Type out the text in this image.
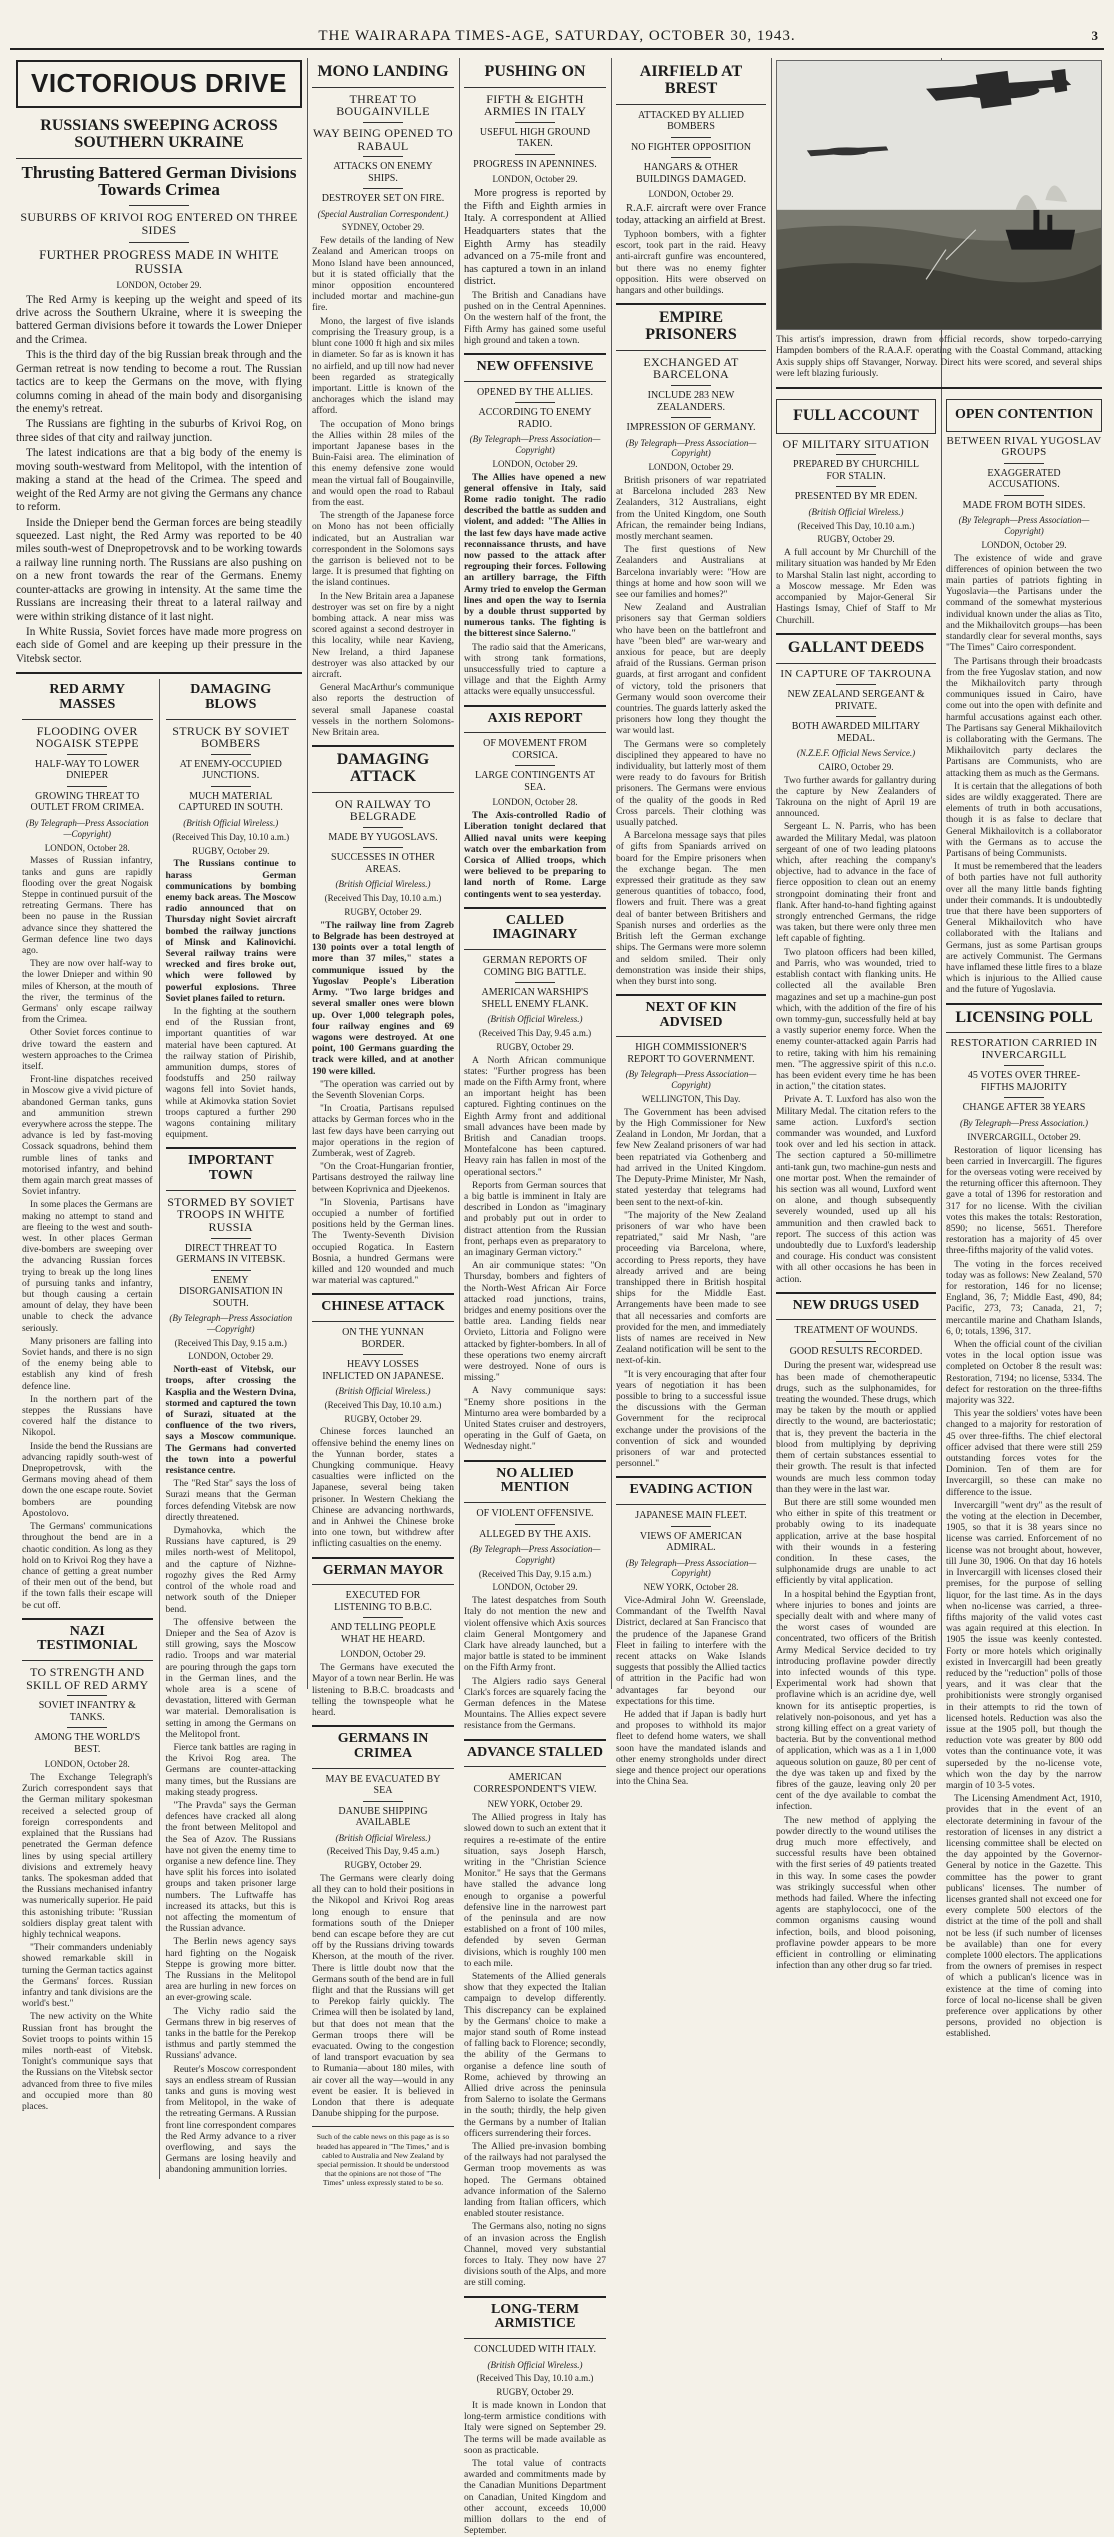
THE WAIRARAPA TIMES-AGE, SATURDAY, OCTOBER 30, 1943.	3
VICTORIOUS DRIVE
RUSSIANS SWEEPING ACROSS SOUTHERN UKRAINE
Thrusting Battered German Divisions Towards Crimea
SUBURBS OF KRIVOI ROG ENTERED ON THREE SIDES
FURTHER PROGRESS MADE IN WHITE RUSSIA
LONDON, October 29.

The Red Army is keeping up the weight and speed of its drive across the Southern Ukraine, where it is sweeping the battered German divisions before it towards the Lower Dnieper and the Crimea.

This is the third day of the big Russian break through and the German retreat is now tending to become a rout. The Russian tactics are to keep the Germans on the move, with flying columns coming in ahead of the main body and disorganising the enemy's retreat.

The Russians are fighting in the suburbs of Krivoi Rog, on three sides of that city and railway junction.

The latest indications are that a big body of the enemy is moving south-westward from Melitopol, with the intention of making a stand at the head of the Crimea. The speed and weight of the Red Army are not giving the Germans any chance to reform.

Inside the Dnieper bend the German forces are being steadily squeezed. Last night, the Red Army was reported to be 40 miles south-west of Dnepropetrovsk and to be working towards a railway line running north. The Russians are also pushing on on a new front towards the rear of the Germans. Enemy counter-attacks are growing in intensity. At the same time the Russians are increasing their threat to a lateral railway and were within striking distance of it last night.

In White Russia, Soviet forces have made more progress on each side of Gomel and are keeping up their pressure in the Vitebsk sector.

RED ARMY MASSES
FLOODING OVER NOGAISK STEPPE
HALF-WAY TO LOWER DNIEPER
GROWING THREAT TO OUTLET FROM CRIMEA.
(By Telegraph—Press Association—Copyright)
LONDON, October 28.

Masses of Russian infantry, tanks and guns are rapidly flooding over the great Nogaisk Steppe in continued pursuit of the retreating Germans. There has been no pause in the Russian advance since they shattered the German defence line two days ago.

They are now over half-way to the lower Dnieper and within 90 miles of Kherson, at the mouth of the river, the terminus of the Germans' only escape railway from the Crimea.

Other Soviet forces continue to drive toward the eastern and western approaches to the Crimea itself.

Front-line dispatches received in Moscow give a vivid picture of abandoned German tanks, guns and ammunition strewn everywhere across the steppe. The advance is led by fast-moving Cossack squadrons, behind them rumble lines of tanks and motorised infantry, and behind them again march great masses of Soviet infantry.

In some places the Germans are making no attempt to stand and are fleeing to the west and south-west. In other places German dive-bombers are sweeping over the advancing Russian forces trying to break up the long lines of pursuing tanks and infantry, but though causing a certain amount of delay, they have been unable to check the advance seriously.

Many prisoners are falling into Soviet hands, and there is no sign of the enemy being able to establish any kind of fresh defence line.

In the northern part of the steppes the Russians have covered half the distance to Nikopol.

Inside the bend the Russians are advancing rapidly south-west of Dnepropetrovsk, with the Germans moving ahead of them down the one escape route. Soviet bombers are pounding Apostolovo.

The Germans' communications throughout the bend are in a chaotic condition. As long as they hold on to Krivoi Rog they have a chance of getting a great number of their men out of the bend, but if the town falls their escape will be cut off.

NAZI TESTIMONIAL
TO STRENGTH AND SKILL OF RED ARMY
SOVIET INFANTRY & TANKS.
AMONG THE WORLD'S BEST.
LONDON, October 28.

The Exchange Telegraph's Zurich correspondent says that the German military spokesman received a selected group of foreign correspondents and explained that the Russians had penetrated the German defence lines by using special artillery divisions and extremely heavy tanks. The spokesman added that the Russians mechanised infantry was numerically superior. He paid this astonishing tribute: "Russian soldiers display great talent with highly technical weapons.

"Their commanders undeniably showed remarkable skill in turning the German tactics against the Germans' forces. Russian infantry and tank divisions are the world's best."

The new activity on the White Russian front has brought the Soviet troops to points within 15 miles north-east of Vitebsk. Tonight's communique says that the Russians on the Vitebsk sector advanced from three to five miles and occupied more than 80 places.

DAMAGING BLOWS
STRUCK BY SOVIET BOMBERS
AT ENEMY-OCCUPIED JUNCTIONS.
MUCH MATERIAL CAPTURED IN SOUTH.
(British Official Wireless.)
(Received This Day, 10.10 a.m.)
RUGBY, October 29.

The Russians continue to harass German communications by bombing enemy back areas. The Moscow radio announced that on Thursday night Soviet aircraft bombed the railway junctions of Minsk and Kalinovichi. Several railway trains were wrecked and fires broke out, which were followed by powerful explosions. Three Soviet planes failed to return.

In the fighting at the southern end of the Russian front, important quantities of war material have been captured. At the railway station of Pirishib, ammunition dumps, stores of foodstuffs and 250 railway wagons fell into Soviet hands, while at Akimovka station Soviet troops captured a further 290 wagons containing military equipment.

IMPORTANT TOWN
STORMED BY SOVIET TROOPS IN WHITE RUSSIA
DIRECT THREAT TO GERMANS IN VITEBSK.
ENEMY DISORGANISATION IN SOUTH.
(By Telegraph—Press Association—Copyright)
(Received This Day, 9.15 a.m.)
LONDON, October 29.

North-east of Vitebsk, our troops, after crossing the Kasplia and the Western Dvina, stormed and captured the town of Surazi, situated at the confluence of the two rivers, says a Moscow communique. The Germans had converted the town into a powerful resistance centre.

The "Red Star" says the loss of Surazi means that the German forces defending Vitebsk are now directly threatened.

Dymahovka, which the Russians have captured, is 29 miles north-west of Melitopol, and the capture of Nizhne-rogozhy gives the Red Army control of the whole road and network south of the Dnieper bend.

The offensive between the Dnieper and the Sea of Azov is still growing, says the Moscow radio. Troops and war material are pouring through the gaps torn in the German lines, and the whole area is a scene of devastation, littered with German war material. Demoralisation is setting in among the Germans on the Melitopol front.

Fierce tank battles are raging in the Krivoi Rog area. The Germans are counter-attacking many times, but the Russians are making steady progress.

"The Pravda" says the German defences have cracked all along the front between Melitopol and the Sea of Azov. The Russians have not given the enemy time to organise a new defence line. They have split his forces into isolated groups and taken prisoner large numbers. The Luftwaffe has increased its attacks, but this is not affecting the momentum of the Russian advance.

The Berlin news agency says hard fighting on the Nogaisk Steppe is growing more bitter. The Russians in the Melitopol area are hurling in new forces on an ever-growing scale.

The Vichy radio said the Germans threw in big reserves of tanks in the battle for the Perekop isthmus and partly stemmed the Russians' advance.

Reuter's Moscow correspondent says an endless stream of Russian tanks and guns is moving west from Melitopol, in the wake of the retreating Germans. A Russian front line correspondent compares the Red Army advance to a river overflowing, and says the Germans are losing heavily and abandoning ammunition lorries.

MONO LANDING
THREAT TO BOUGAINVILLE
WAY BEING OPENED TO RABAUL
ATTACKS ON ENEMY SHIPS.
DESTROYER SET ON FIRE.
(Special Australian Correspondent.)
SYDNEY, October 29.

Few details of the landing of New Zealand and American troops on Mono Island have been announced, but it is stated officially that the minor opposition encountered included mortar and machine-gun fire.

Mono, the largest of five islands comprising the Treasury group, is a blunt cone 1000 ft high and six miles in diameter. So far as is known it has no airfield, and up till now had never been regarded as strategically important. Little is known of the anchorages which the island may afford.

The occupation of Mono brings the Allies within 28 miles of the important Japanese bases in the Buin-Faisi area. The elimination of this enemy defensive zone would mean the virtual fall of Bougainville, and would open the road to Rabaul from the east.

The strength of the Japanese force on Mono has not been officially indicated, but an Australian war correspondent in the Solomons says the garrison is believed not to be large. It is presumed that fighting on the island continues.

In the New Britain area a Japanese destroyer was set on fire by a night bombing attack. A near miss was scored against a second destroyer in this locality, while near Kavieng, New Ireland, a third Japanese destroyer was also attacked by our aircraft.

General MacArthur's communique also reports the destruction of several small Japanese coastal vessels in the northern Solomons-New Britain area.

DAMAGING ATTACK
ON RAILWAY TO BELGRADE
MADE BY YUGOSLAVS.
SUCCESSES IN OTHER AREAS.
(British Official Wireless.)
(Received This Day, 10.10 a.m.)
RUGBY, October 29.

"The railway line from Zagreb to Belgrade has been destroyed at 130 points over a total length of more than 37 miles," states a communique issued by the Yugoslav People's Liberation Army. "Two large bridges and several smaller ones were blown up. Over 1,000 telegraph poles, four railway engines and 69 wagons were destroyed. At one point, 100 Germans guarding the track were killed, and at another 190 were killed.

"The operation was carried out by the Seventh Slovenian Corps.

"In Croatia, Partisans repulsed attacks by German forces who in the last few days have been carrying out major operations in the region of Zumberak, west of Zagreb.

"On the Croat-Hungarian frontier, Partisans destroyed the railway line between Koprivnica and Djeekenos.

"In Slovenia, Partisans have occupied a number of fortified positions held by the German lines. The Twenty-Seventh Division occupied Rogatica. In Eastern Bosnia, a hundred Germans were killed and 120 wounded and much war material was captured."

CHINESE ATTACK
ON THE YUNNAN BORDER.
HEAVY LOSSES INFLICTED ON JAPANESE.
(British Official Wireless.)
(Received This Day, 10.10 a.m.)
RUGBY, October 29.

Chinese forces launched an offensive behind the enemy lines on the Yunnan border, states a Chungking communique. Heavy casualties were inflicted on the Japanese, several being taken prisoner. In Western Chekiang the Chinese are advancing northwards, and in Anhwei the Chinese broke into one town, but withdrew after inflicting casualties on the enemy.

GERMAN MAYOR
EXECUTED FOR LISTENING TO B.B.C.
AND TELLING PEOPLE WHAT HE HEARD.
LONDON, October 29.

The Germans have executed the Mayor of a town near Berlin. He was listening to B.B.C. broadcasts and telling the townspeople what he heard.

GERMANS IN CRIMEA
MAY BE EVACUATED BY SEA
DANUBE SHIPPING AVAILABLE
(British Official Wireless.)
(Received This Day, 9.45 a.m.)
RUGBY, October 29.

The Germans were clearly doing all they can to hold their positions in the Nikopol and Krivoi Rog areas long enough to ensure that formations south of the Dnieper bend can escape before they are cut off by the Russians driving towards Kherson, at the mouth of the river. There is little doubt now that the Germans south of the bend are in full flight and that the Russians will get to Perekop fairly quickly. The Crimea will then be isolated by land, but that does not mean that the German troops there will be evacuated. Owing to the congestion of land transport evacuation by sea to Rumania—about 180 miles, with air cover all the way—would in any event be easier. It is believed in London that there is adequate Danube shipping for the purpose.

Such of the cable news on this page as is so headed has appeared in "The Times," and is cabled to Australia and New Zealand by special permission. It should be understood that the opinions are not those of "The Times" unless expressly stated to be so.
PUSHING ON
FIFTH & EIGHTH ARMIES IN ITALY
USEFUL HIGH GROUND TAKEN.
PROGRESS IN APENNINES.
LONDON, October 29.

More progress is reported by the Fifth and Eighth armies in Italy. A correspondent at Allied Headquarters states that the Eighth Army has steadily advanced on a 75-mile front and has captured a town in an inland district.

The British and Canadians have pushed on in the Central Apennines. On the western half of the front, the Fifth Army has gained some useful high ground and taken a town.

NEW OFFENSIVE
OPENED BY THE ALLIES.
ACCORDING TO ENEMY RADIO.
(By Telegraph—Press Association—Copyright)
LONDON, October 29.

The Allies have opened a new general offensive in Italy, said Rome radio tonight. The radio described the battle as sudden and violent, and added: "The Allies in the last few days have made active reconnaissance thrusts, and have now passed to the attack after regrouping their forces. Following an artillery barrage, the Fifth Army tried to envelop the German lines and open the way to Isernia by a double thrust supported by numerous tanks. The fighting is the bitterest since Salerno."

The radio said that the Americans, with strong tank formations, unsuccessfully tried to capture a village and that the Eighth Army attacks were equally unsuccessful.

AXIS REPORT
OF MOVEMENT FROM CORSICA.
LARGE CONTINGENTS AT SEA.
LONDON, October 28.

The Axis-controlled Radio of Liberation tonight declared that Allied naval units were keeping watch over the embarkation from Corsica of Allied troops, which were believed to be preparing to land north of Rome. Large contingents went to sea yesterday.

CALLED IMAGINARY
GERMAN REPORTS OF COMING BIG BATTLE.
AMERICAN WARSHIP'S SHELL ENEMY FLANK.
(British Official Wireless.)
(Received This Day, 9.45 a.m.)
RUGBY, October 29.

A North African communique states: "Further progress has been made on the Fifth Army front, where an important height has been captured. Fighting continues on the Eighth Army front and additional small advances have been made by British and Canadian troops. Montefalcone has been captured. Heavy rain has fallen in most of the operational sectors."

Reports from German sources that a big battle is imminent in Italy are described in London as "imaginary and probably put out in order to distract attention from the Russian front, perhaps even as preparatory to an imaginary German victory."

An air communique states: "On Thursday, bombers and fighters of the North-West African Air Force attacked road junctions, trains, bridges and enemy positions over the battle area. Landing fields near Orvieto, Littoria and Foligno were attacked by fighter-bombers. In all of these operations two enemy aircraft were destroyed. None of ours is missing."

A Navy communique says: "Enemy shore positions in the Minturno area were bombarded by a United States cruiser and destroyers, operating in the Gulf of Gaeta, on Wednesday night."

NO ALLIED MENTION
OF VIOLENT OFFENSIVE.
ALLEGED BY THE AXIS.
(By Telegraph—Press Association—Copyright)
(Received This Day, 9.15 a.m.)
LONDON, October 29.

The latest despatches from South Italy do not mention the new and violent offensive which Axis sources claim General Montgomery and Clark have already launched, but a major battle is stated to be imminent on the Fifth Army front.

The Algiers radio says General Clark's forces are squarely facing the German defences in the Matese Mountains. The Allies expect severe resistance from the Germans.

ADVANCE STALLED
AMERICAN CORRESPONDENT'S VIEW.
NEW YORK, October 29.

The Allied progress in Italy has slowed down to such an extent that it requires a re-estimate of the entire situation, says Joseph Harsch, writing in the "Christian Science Monitor." He says that the Germans have stalled the advance long enough to organise a powerful defensive line in the narrowest part of the peninsula and are now established on a front of 100 miles, defended by seven German divisions, which is roughly 100 men to each mile.

Statements of the Allied generals show that they expected the Italian campaign to develop differently. This discrepancy can be explained by the Germans' choice to make a major stand south of Rome instead of falling back to Florence; secondly, the ability of the Germans to organise a defence line south of Rome, achieved by throwing an Allied drive across the peninsula from Salerno to isolate the Germans in the south; thirdly, the help given the Germans by a number of Italian officers surrendering their forces.

The Allied pre-invasion bombing of the railways had not paralysed the German troop movements as was hoped. The Germans obtained advance information of the Salerno landing from Italian officers, which enabled stouter resistance.

The Germans also, noting no signs of an invasion across the English Channel, moved very substantial forces to Italy. They now have 27 divisions south of the Alps, and more are still coming.

LONG-TERM ARMISTICE
CONCLUDED WITH ITALY.
(British Official Wireless.)
(Received This Day, 10.10 a.m.)
RUGBY, October 29.

It is made known in London that long-term armistice conditions with Italy were signed on September 29. The terms will be made available as soon as practicable.

The total value of contracts awarded and commitments made by the Canadian Munitions Department on Canadian, United Kingdom and other account, exceeds 10,000 million dollars to the end of September.

AIRFIELD AT BREST
ATTACKED BY ALLIED BOMBERS
NO FIGHTER OPPOSITION
HANGARS & OTHER BUILDINGS DAMAGED.
LONDON, October 29.

R.A.F. aircraft were over France today, attacking an airfield at Brest.

Typhoon bombers, with a fighter escort, took part in the raid. Heavy anti-aircraft gunfire was encountered, but there was no enemy fighter opposition. Hits were observed on hangars and other buildings.

EMPIRE PRISONERS
EXCHANGED AT BARCELONA
INCLUDE 283 NEW ZEALANDERS.
IMPRESSION OF GERMANY.
(By Telegraph—Press Association—Copyright)
LONDON, October 29.

British prisoners of war repatriated at Barcelona included 283 New Zealanders, 312 Australians, eight from the United Kingdom, one South African, the remainder being Indians, mostly merchant seamen.

The first questions of New Zealanders and Australians at Barcelona invariably were: "How are things at home and how soon will we see our families and homes?"

New Zealand and Australian prisoners say that German soldiers who have been on the battlefront and have "been bled" are war-weary and anxious for peace, but are deeply afraid of the Russians. German prison guards, at first arrogant and confident of victory, told the prisoners that Germany would soon overcome their countries. The guards latterly asked the prisoners how long they thought the war would last.

The Germans were so completely disciplined they appeared to have no individuality, but latterly most of them were ready to do favours for British prisoners. The Germans were envious of the quality of the goods in Red Cross parcels. Their clothing was usually patched.

A Barcelona message says that piles of gifts from Spaniards arrived on board for the Empire prisoners when the exchange began. The men expressed their gratitude as they saw generous quantities of tobacco, food, flowers and fruit. There was a great deal of banter between Britishers and Spanish nurses and orderlies as the British left the German exchange ships. The Germans were more solemn and seldom smiled. Their only demonstration was inside their ships, when they burst into song.

NEXT OF KIN ADVISED
HIGH COMMISSIONER'S REPORT TO GOVERNMENT.
(By Telegraph—Press Association—Copyright)
WELLINGTON, This Day.

The Government has been advised by the High Commissioner for New Zealand in London, Mr Jordan, that a few New Zealand prisoners of war had been repatriated via Gothenberg and had arrived in the United Kingdom. The Deputy-Prime Minister, Mr Nash, stated yesterday that telegrams had been sent to the next-of-kin.

"The majority of the New Zealand prisoners of war who have been repatriated," said Mr Nash, "are proceeding via Barcelona, where, according to Press reports, they have already arrived and are being transhipped there in British hospital ships for the Middle East. Arrangements have been made to see that all necessaries and comforts are provided for the men, and immediately lists of names are received in New Zealand notification will be sent to the next-of-kin.

"It is very encouraging that after four years of negotiation it has been possible to bring to a successful issue the discussions with the German Government for the reciprocal exchange under the provisions of the convention of sick and wounded prisoners of war and protected personnel."

EVADING ACTION
JAPANESE MAIN FLEET.
VIEWS OF AMERICAN ADMIRAL.
(By Telegraph—Press Association—Copyright)
NEW YORK, October 28.

Vice-Admiral John W. Greenslade, Commandant of the Twelfth Naval District, declared at San Francisco that the prudence of the Japanese Grand Fleet in failing to interfere with the recent attacks on Wake Islands suggests that possibly the Allied tactics of attrition in the Pacific had won advantages far beyond our expectations for this time.

He added that if Japan is badly hurt and proposes to withhold its major fleet to defend home waters, we shall soon have the mandated islands and other enemy strongholds under direct siege and thence project our operations into the China Sea.

This artist's impression, drawn from official records, show torpedo-carrying Hampden bombers of the R.A.A.F. operating with the Coastal Command, attacking Axis supply ships off Stavanger, Norway. Direct hits were scored, and several ships were left blazing furiously.
FULL ACCOUNT
OF MILITARY SITUATION
PREPARED BY CHURCHILL FOR STALIN.
PRESENTED BY MR EDEN.
(British Official Wireless.)
(Received This Day, 10.10 a.m.)
RUGBY, October 29.

A full account by Mr Churchill of the military situation was handed by Mr Eden to Marshal Stalin last night, according to a Moscow message. Mr Eden was accompanied by Major-General Sir Hastings Ismay, Chief of Staff to Mr Churchill.

GALLANT DEEDS
IN CAPTURE OF TAKROUNA
NEW ZEALAND SERGEANT & PRIVATE.
BOTH AWARDED MILITARY MEDAL.
(N.Z.E.F. Official News Service.)
CAIRO, October 29.

Two further awards for gallantry during the capture by New Zealanders of Takrouna on the night of April 19 are announced.

Sergeant L. N. Parris, who has been awarded the Military Medal, was platoon sergeant of one of two leading platoons which, after reaching the company's objective, had to advance in the face of fierce opposition to clean out an enemy strongpoint dominating their front and flank. After hand-to-hand fighting against strongly entrenched Germans, the ridge was taken, but there were only three men left capable of fighting.

Two platoon officers had been killed, and Parris, who was wounded, tried to establish contact with flanking units. He collected all the available Bren magazines and set up a machine-gun post which, with the addition of the fire of his own tommy-gun, successfully held at bay a vastly superior enemy force. When the enemy counter-attacked again Parris had to retire, taking with him his remaining men. "The aggressive spirit of this n.c.o. has been evident every time he has been in action," the citation states.

Private A. T. Luxford has also won the Military Medal. The citation refers to the same action. Luxford's section commander was wounded, and Luxford took over and led his section in attack. The section captured a 50-millimetre anti-tank gun, two machine-gun nests and one mortar post. When the remainder of his section was all wound, Luxford went on alone, and though subsequently severely wounded, used up all his ammunition and then crawled back to report. The success of this action was undoubtedly due to Luxford's leadership and courage. His conduct was consistent with all other occasions he has been in action.

NEW DRUGS USED
TREATMENT OF WOUNDS.
GOOD RESULTS RECORDED.

During the present war, widespread use has been made of chemotherapeutic drugs, such as the sulphonamides, for treating the wounded. These drugs, which may be taken by the mouth or applied directly to the wound, are bacteriostatic; that is, they prevent the bacteria in the blood from multiplying by depriving them of certain substances essential to their growth. The result is that infected wounds are much less common today than they were in the last war.

But there are still some wounded men who either in spite of this treatment or probably owing to its inadequate application, arrive at the base hospital with their wounds in a festering condition. In these cases, the sulphonamide drugs are unable to act efficiently by vital application.

In a hospital behind the Egyptian front, where injuries to bones and joints are specially dealt with and where many of the worst cases of wounded are concentrated, two officers of the British Army Medical Service decided to try introducing proflavine powder directly into infected wounds of this type. Experimental work had shown that proflavine which is an acridine dye, well known for its antiseptic properties, is relatively non-poisonous, and yet has a strong killing effect on a great variety of bacteria. But by the conventional method of application, which was as a 1 in 1,000 aqueous solution on gauze, 80 per cent of the dye was taken up and fixed by the fibres of the gauze, leaving only 20 per cent of the dye available to combat the infection.

The new method of applying the powder directly to the wound utilises the drug much more effectively, and successful results have been obtained with the first series of 49 patients treated in this way. In some cases the powder was strikingly successful when other methods had failed. Where the infecting agents are staphylococci, one of the common organisms causing wound infection, boils, and blood poisoning, proflavine powder appears to be more efficient in controlling or eliminating infection than any other drug so far tried.

OPEN CONTENTION
BETWEEN RIVAL YUGOSLAV GROUPS
EXAGGERATED ACCUSATIONS.
MADE FROM BOTH SIDES.
(By Telegraph—Press Association—Copyright)
LONDON, October 29.

The existence of wide and grave differences of opinion between the two main parties of patriots fighting in Yugoslavia—the Partisans under the command of the somewhat mysterious individual known under the alias as Tito, and the Mikhailovitch groups—has been standardly clear for several months, says "The Times" Cairo correspondent.

The Partisans through their broadcasts from the free Yugoslav station, and now the Mikhailovitch party through communiques issued in Cairo, have come out into the open with definite and harmful accusations against each other. The Partisans say General Mikhailovitch is collaborating with the Germans. The Mikhailovitch party declares the Partisans are Communists, who are attacking them as much as the Germans.

It is certain that the allegations of both sides are wildly exaggerated. There are elements of truth in both accusations, though it is as false to declare that General Mikhailovitch is a collaborator with the Germans as to accuse the Partisans of being Communists.

It must be remembered that the leaders of both parties have not full authority over all the many little bands fighting under their commands. It is undoubtedly true that there have been supporters of General Mikhailovitch who have collaborated with the Italians and Germans, just as some Partisan groups are actively Communist. The Germans have inflamed these little fires to a blaze which is injurious to the Allied cause and the future of Yugoslavia.

LICENSING POLL
RESTORATION CARRIED IN INVERCARGILL
45 VOTES OVER THREE-FIFTHS MAJORITY
CHANGE AFTER 38 YEARS
(By Telegraph—Press Association.)
INVERCARGILL, October 29.

Restoration of liquor licensing has been carried in Invercargill. The figures for the overseas voting were received by the returning officer this afternoon. They gave a total of 1396 for restoration and 317 for no license. With the civilian votes this makes the totals: Restoration, 8590; no license, 5651. Therefore restoration has a majority of 45 over three-fifths majority of the valid votes.

The voting in the forces received today was as follows: New Zealand, 570 for restoration, 146 for no license; England, 36, 7; Middle East, 490, 84; Pacific, 273, 73; Canada, 21, 7; mercantile marine and Chatham Islands, 6, 0; totals, 1396, 317.

When the official count of the civilian votes in the local option issue was completed on October 8 the result was: Restoration, 7194; no license, 5334. The defect for restoration on the three-fifths majority was 322.

This year the soldiers' votes have been changed to a majority for restoration of 45 over three-fifths. The chief electoral officer advised that there were still 259 outstanding forces votes for the Dominion. Ten of them are for Invercargill, so these can make no difference to the issue.

Invercargill "went dry" as the result of the voting at the election in December, 1905, so that it is 38 years since no license was carried. Enforcement of no license was not brought about, however, till June 30, 1906. On that day 16 hotels in Invercargill with licenses closed their premises, for the purpose of selling liquor, for the last time. As in the days when no-license was carried, a three-fifths majority of the valid votes cast was again required at this election. In 1905 the issue was keenly contested. Forty or more hotels which originally existed in Invercargill had been greatly reduced by the "reduction" polls of those years, and it was clear that the prohibitionists were strongly organised in their attempts to rid the town of licensed hotels. Reduction was also the issue at the 1905 poll, but though the reduction vote was greater by 800 odd votes than the continuance vote, it was superseded by the no-license vote, which won the day by the narrow margin of 10 3-5 votes.

The Licensing Amendment Act, 1910, provides that in the event of an electorate determining in favour of the restoration of licenses in any district a licensing committee shall be elected on the day appointed by the Governor-General by notice in the Gazette. This committee has the power to grant publicans' licenses. The number of licenses granted shall not exceed one for every complete 500 electors of the district at the time of the poll and shall not be less (if such number of licenses be available) than one for every complete 1000 electors. The applications from the owners of premises in respect of which a publican's licence was in existence at the time of coming into force of local no-license shall be given preference over applications by other persons, provided no objection is established.
